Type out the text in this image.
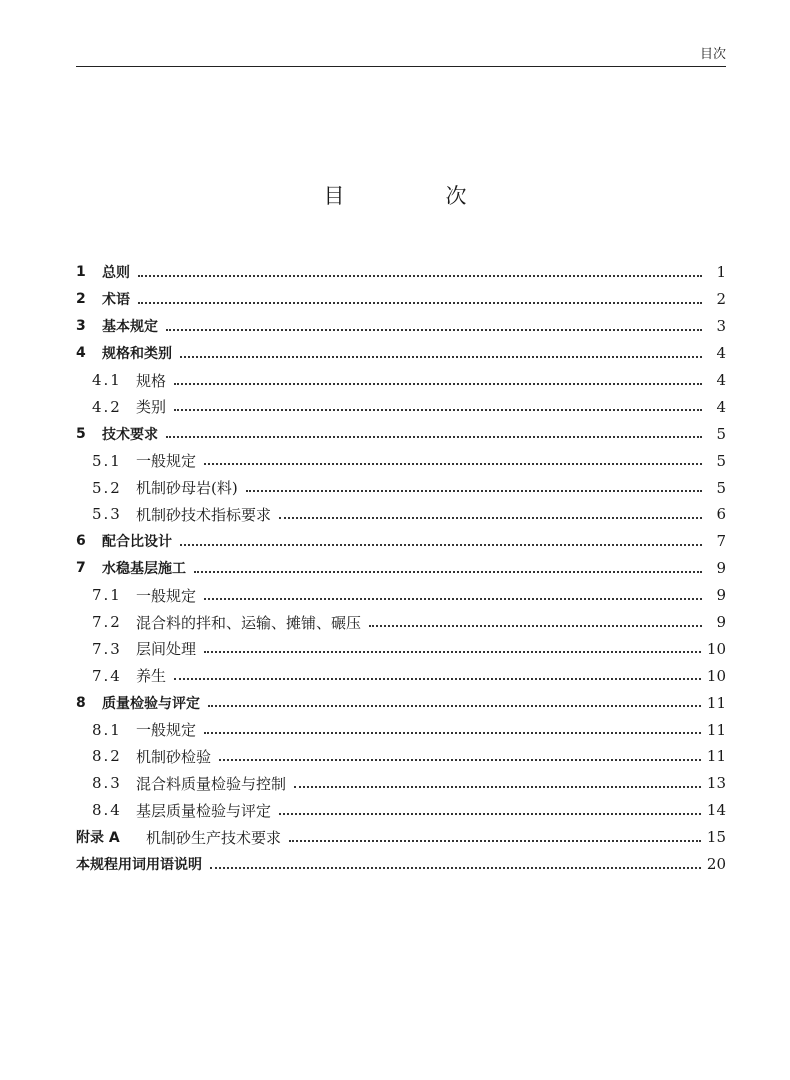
目次
目　次
1	总则	1
2	术语	2
3	基本规定	3
4	规格和类别	4
4.1 规格	4
4.2 类别	4
5	技术要求	5
5.1 一般规定	5
5.2 机制砂母岩(料)	5
5.3 机制砂技术指标要求	6
6	配合比设计	7
7	水稳基层施工	9
7.1 一般规定	9
7.2 混合料的拌和、运输、摊铺、碾压	9
7.3 层间处理	10
7.4 养生	10
8	质量检验与评定	11
8.1 一般规定	11
8.2 机制砂检验	11
8.3 混合料质量检验与控制	13
8.4 基层质量检验与评定	14
附录 A	机制砂生产技术要求	15
本规程用词用语说明	20
